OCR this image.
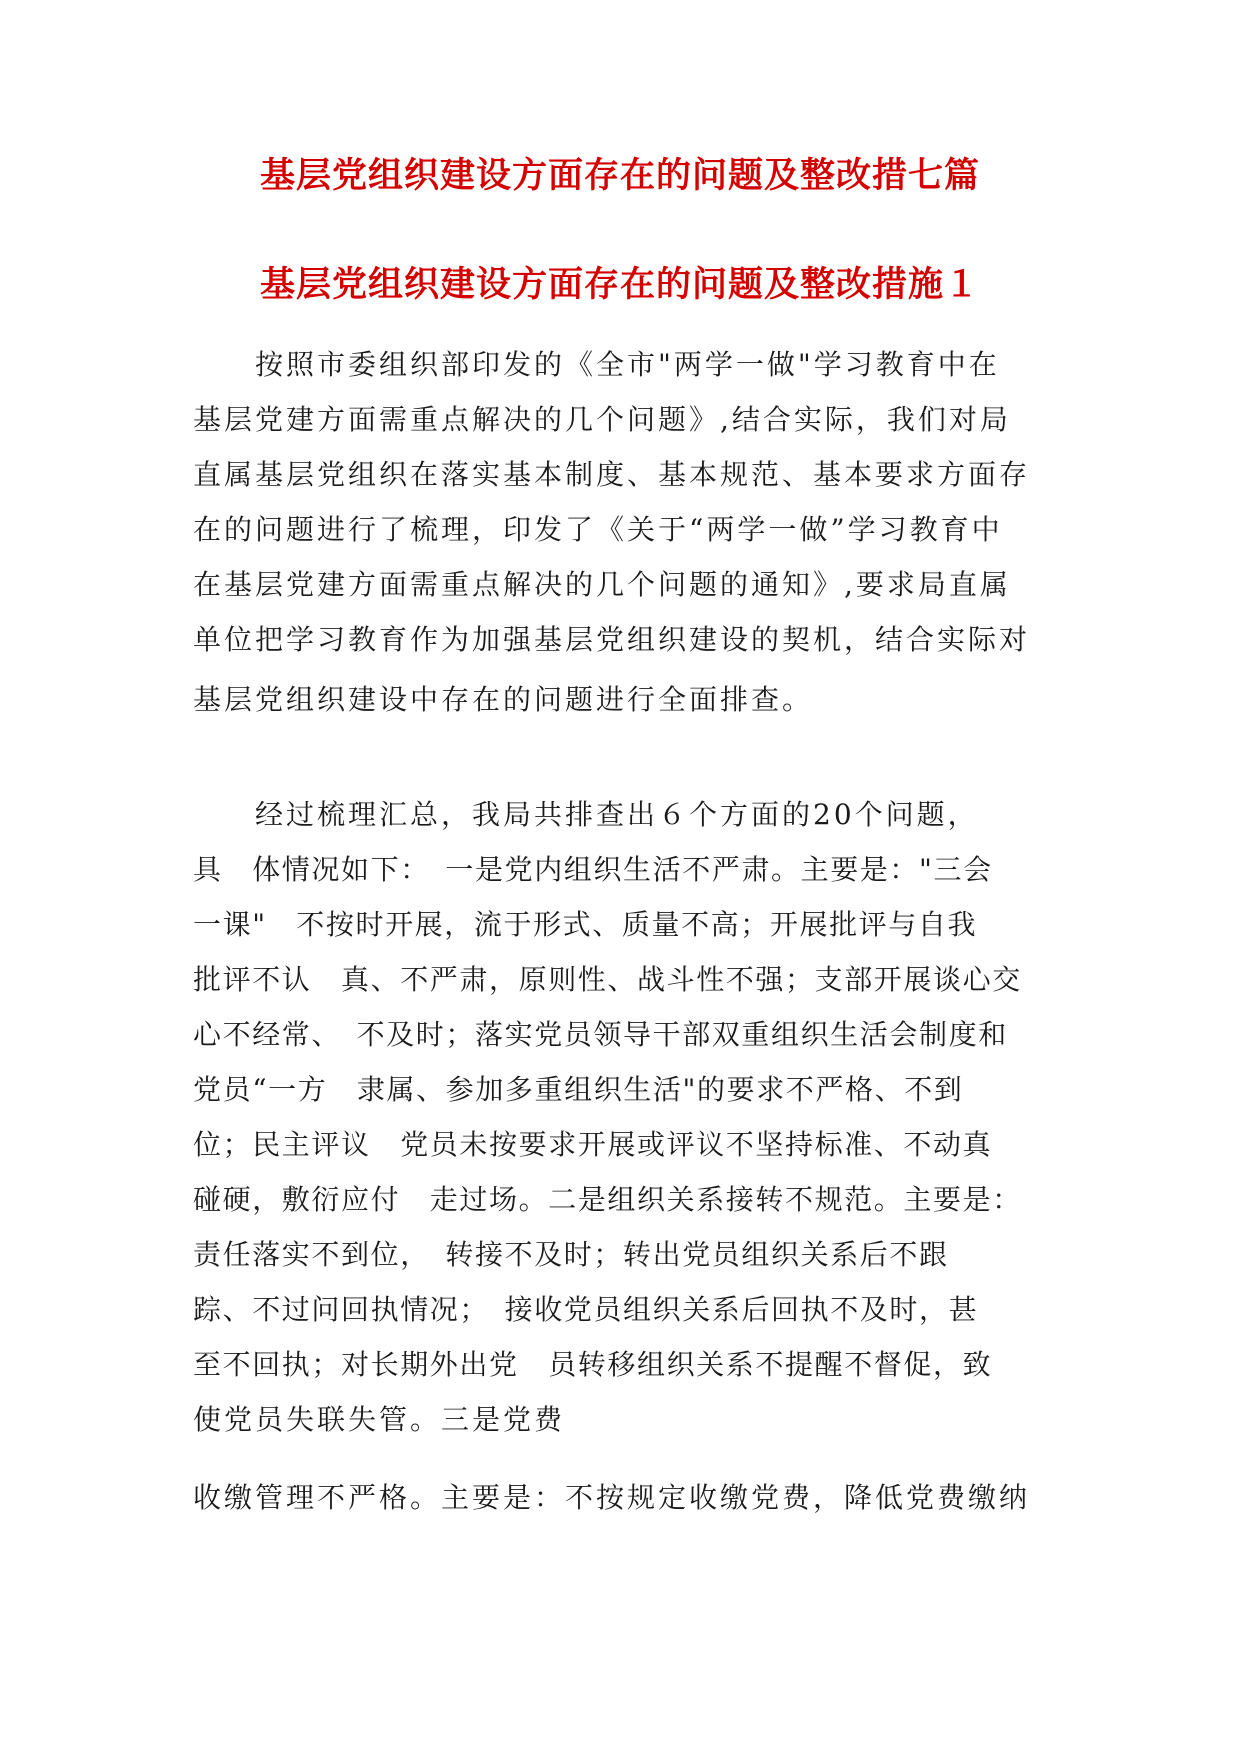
基层党组织建设方面存在的问题及整改措七篇
基层党组织建设方面存在的问题及整改措施１
　　按照市委组织部印发的《全市"两学一做"学习教育中在
基层党建方面需重点解决的几个问题》,结合实际，我们对局
直属基层党组织在落实基本制度、基本规范、基本要求方面存
在的问题进行了梳理，印发了《关于“两学一做”学习教育中
在基层党建方面需重点解决的几个问题的通知》,要求局直属
单位把学习教育作为加强基层党组织建设的契机，结合实际对
基层党组织建设中存在的问题进行全面排查。
　　经过梳理汇总，我局共排查出６个方面的20个问题，
具　体情况如下：　一是党内组织生活不严肃。主要是："三会
一课"　不按时开展，流于形式、质量不高；开展批评与自我
批评不认　真、不严肃，原则性、战斗性不强；支部开展谈心交
心不经常、　不及时；落实党员领导干部双重组织生活会制度和
党员“一方　隶属、参加多重组织生活"的要求不严格、不到
位；民主评议　党员未按要求开展或评议不坚持标准、不动真
碰硬，敷衍应付　走过场。二是组织关系接转不规范。主要是：
责任落实不到位，　转接不及时；转出党员组织关系后不跟
踪、不过问回执情况；　接收党员组织关系后回执不及时，甚
至不回执；对长期外出党　员转移组织关系不提醒不督促，致
使党员失联失管。三是党费
收缴管理不严格。主要是：不按规定收缴党费，降低党费缴纳
